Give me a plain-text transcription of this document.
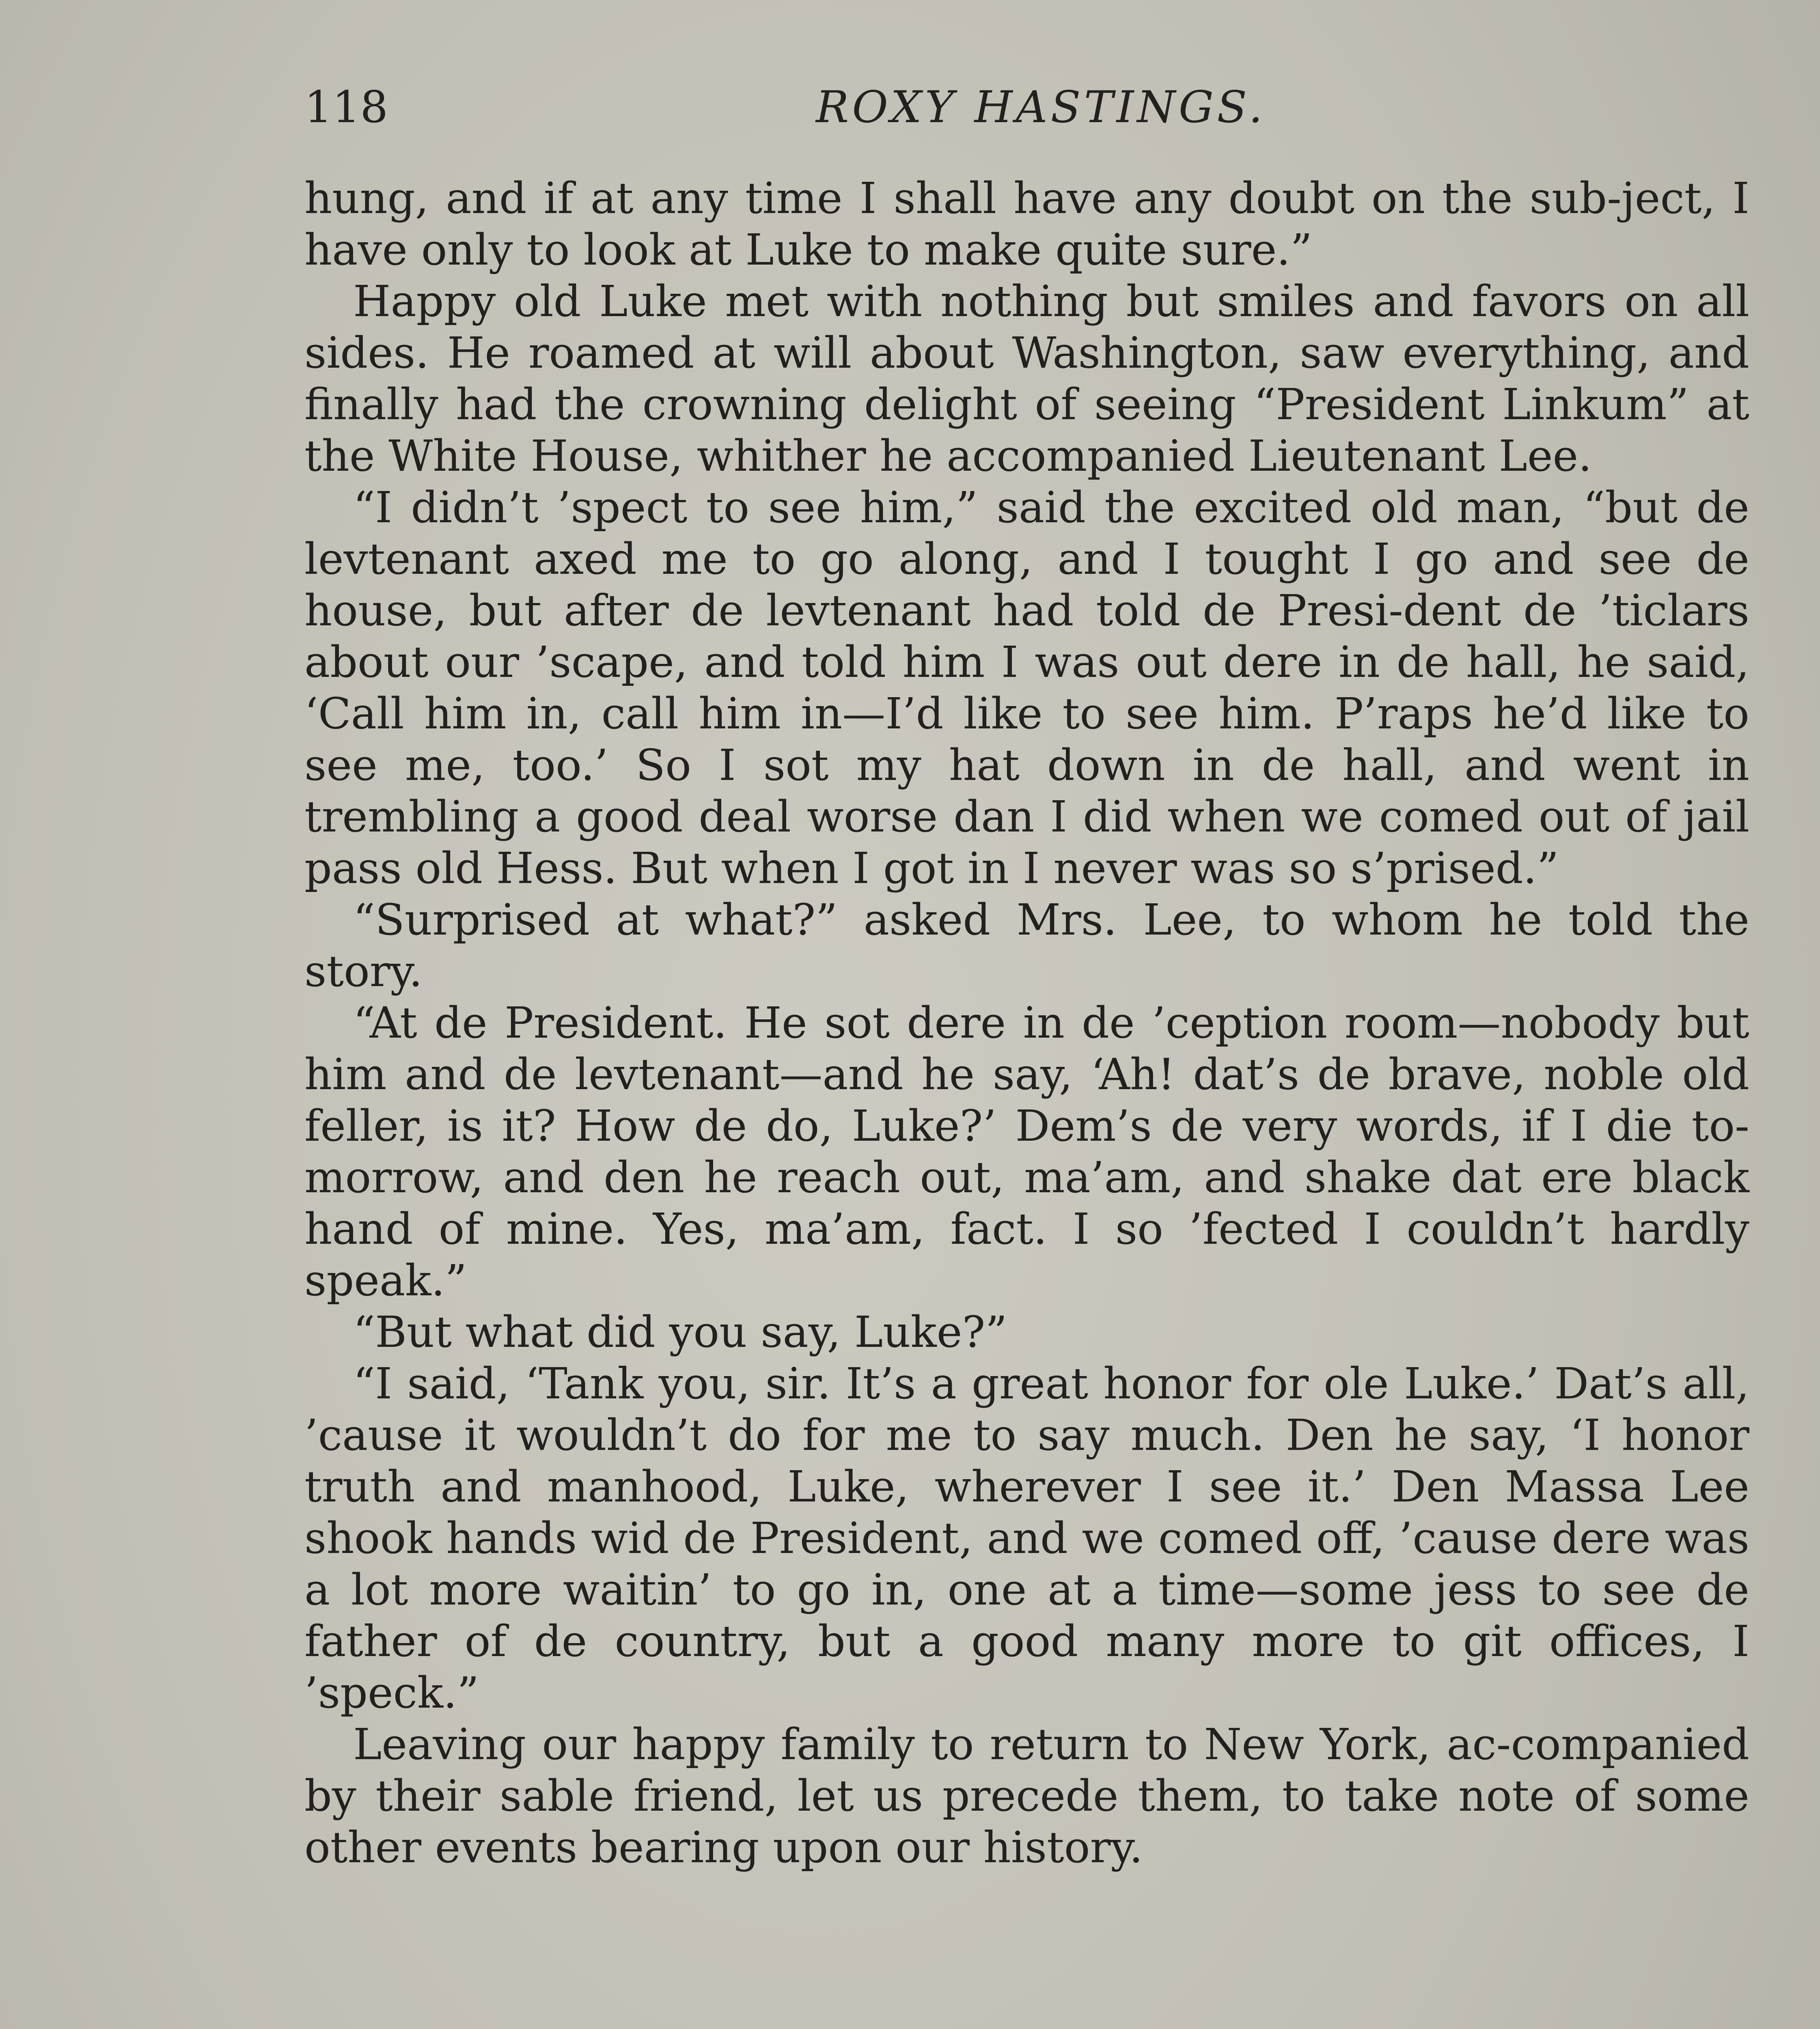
118	ROXY HASTINGS.

hung, and if at any time I shall have any doubt on the sub-ject, I have only to look at Luke to make quite sure.”

Happy old Luke met with nothing but smiles and favors on all sides. He roamed at will about Washington, saw everything, and finally had the crowning delight of seeing “President Linkum” at the White House, whither he accompanied Lieutenant Lee.

“I didn’t ’spect to see him,” said the excited old man, “but de levtenant axed me to go along, and I tought I go and see de house, but after de levtenant had told de Presi-dent de ’ticlars about our ’scape, and told him I was out dere in de hall, he said, ‘Call him in, call him in—I’d like to see him. P’raps he’d like to see me, too.’ So I sot my hat down in de hall, and went in trembling a good deal worse dan I did when we comed out of jail pass old Hess. But when I got in I never was so s’prised.”

“Surprised at what?” asked Mrs. Lee, to whom he told the story.

“At de President. He sot dere in de ’ception room—nobody but him and de levtenant—and he say, ‘Ah! dat’s de brave, noble old feller, is it? How de do, Luke?’ Dem’s de very words, if I die to-morrow, and den he reach out, ma’am, and shake dat ere black hand of mine. Yes, ma’am, fact. I so ’fected I couldn’t hardly speak.”

“But what did you say, Luke?”

“I said, ‘Tank you, sir. It’s a great honor for ole Luke.’ Dat’s all, ’cause it wouldn’t do for me to say much. Den he say, ‘I honor truth and manhood, Luke, wherever I see it.’ Den Massa Lee shook hands wid de President, and we comed off, ’cause dere was a lot more waitin’ to go in, one at a time—some jess to see de father of de country, but a good many more to git offices, I ’speck.”

Leaving our happy family to return to New York, ac-companied by their sable friend, let us precede them, to take note of some other events bearing upon our history.
